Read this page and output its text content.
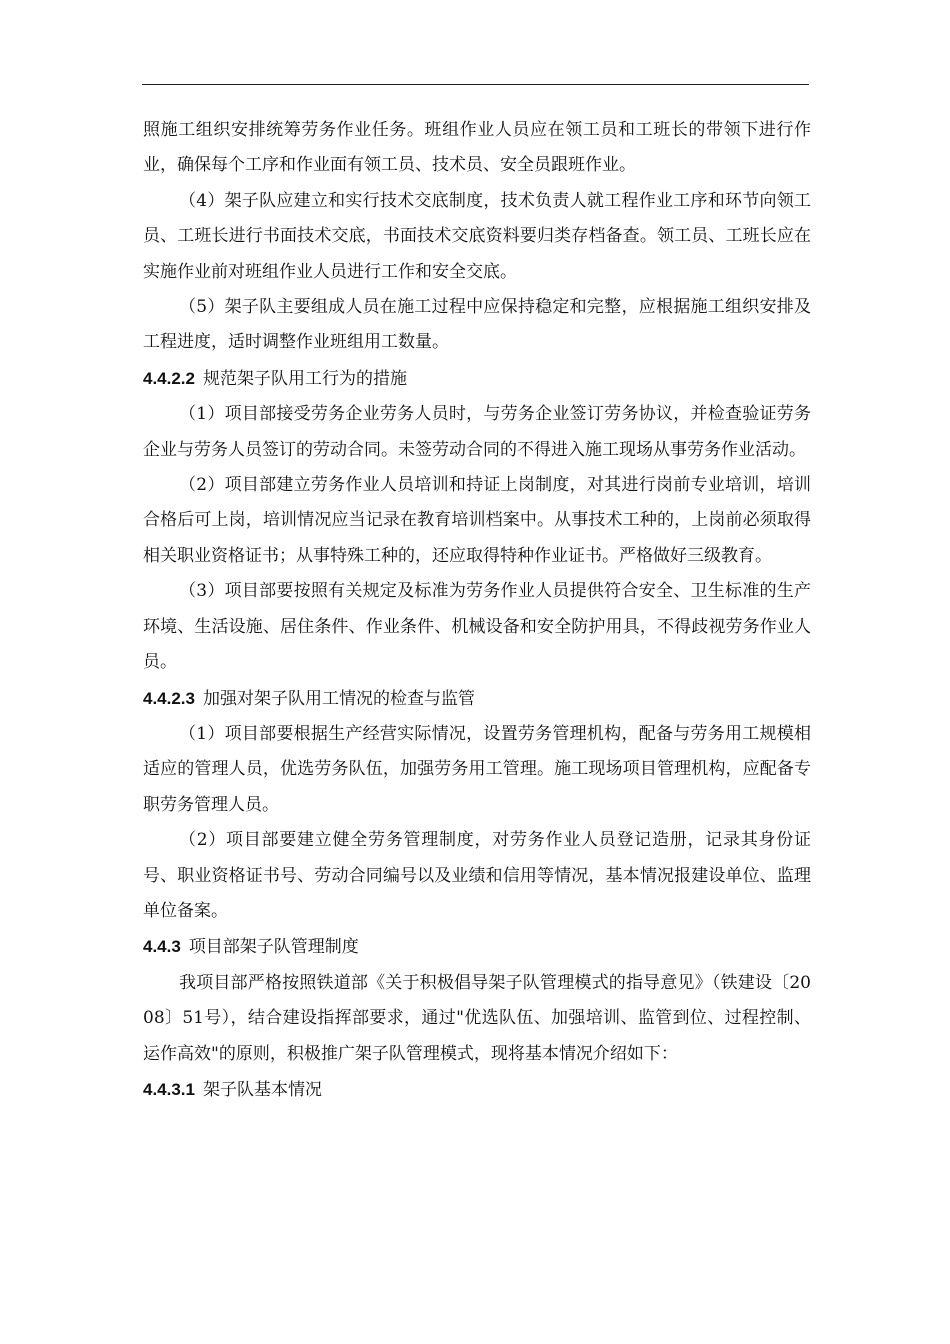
照施工组织安排统筹劳务作业任务。班组作业人员应在领工员和工班长的带领下进行作业，确保每个工序和作业面有领工员、技术员、安全员跟班作业。

（4）架子队应建立和实行技术交底制度，技术负责人就工程作业工序和环节向领工员、工班长进行书面技术交底，书面技术交底资料要归类存档备查。领工员、工班长应在实施作业前对班组作业人员进行工作和安全交底。

（5）架子队主要组成人员在施工过程中应保持稳定和完整，应根据施工组织安排及工程进度，适时调整作业班组用工数量。

4.4.2.2 规范架子队用工行为的措施

（1）项目部接受劳务企业劳务人员时，与劳务企业签订劳务协议，并检查验证劳务企业与劳务人员签订的劳动合同。未签劳动合同的不得进入施工现场从事劳务作业活动。

（2）项目部建立劳务作业人员培训和持证上岗制度，对其进行岗前专业培训，培训合格后可上岗，培训情况应当记录在教育培训档案中。从事技术工种的，上岗前必须取得相关职业资格证书；从事特殊工种的，还应取得特种作业证书。严格做好三级教育。

（3）项目部要按照有关规定及标准为劳务作业人员提供符合安全、卫生标准的生产环境、生活设施、居住条件、作业条件、机械设备和安全防护用具，不得歧视劳务作业人员。

4.4.2.3 加强对架子队用工情况的检查与监管

（1）项目部要根据生产经营实际情况，设置劳务管理机构，配备与劳务用工规模相适应的管理人员，优选劳务队伍，加强劳务用工管理。施工现场项目管理机构，应配备专职劳务管理人员。

（2）项目部要建立健全劳务管理制度，对劳务作业人员登记造册，记录其身份证号、职业资格证书号、劳动合同编号以及业绩和信用等情况，基本情况报建设单位、监理单位备案。

4.4.3 项目部架子队管理制度

我项目部严格按照铁道部《关于积极倡导架子队管理模式的指导意见》（铁建设〔2008〕51号），结合建设指挥部要求，通过"优选队伍、加强培训、监管到位、过程控制、运作高效"的原则，积极推广架子队管理模式，现将基本情况介绍如下：

4.4.3.1 架子队基本情况
